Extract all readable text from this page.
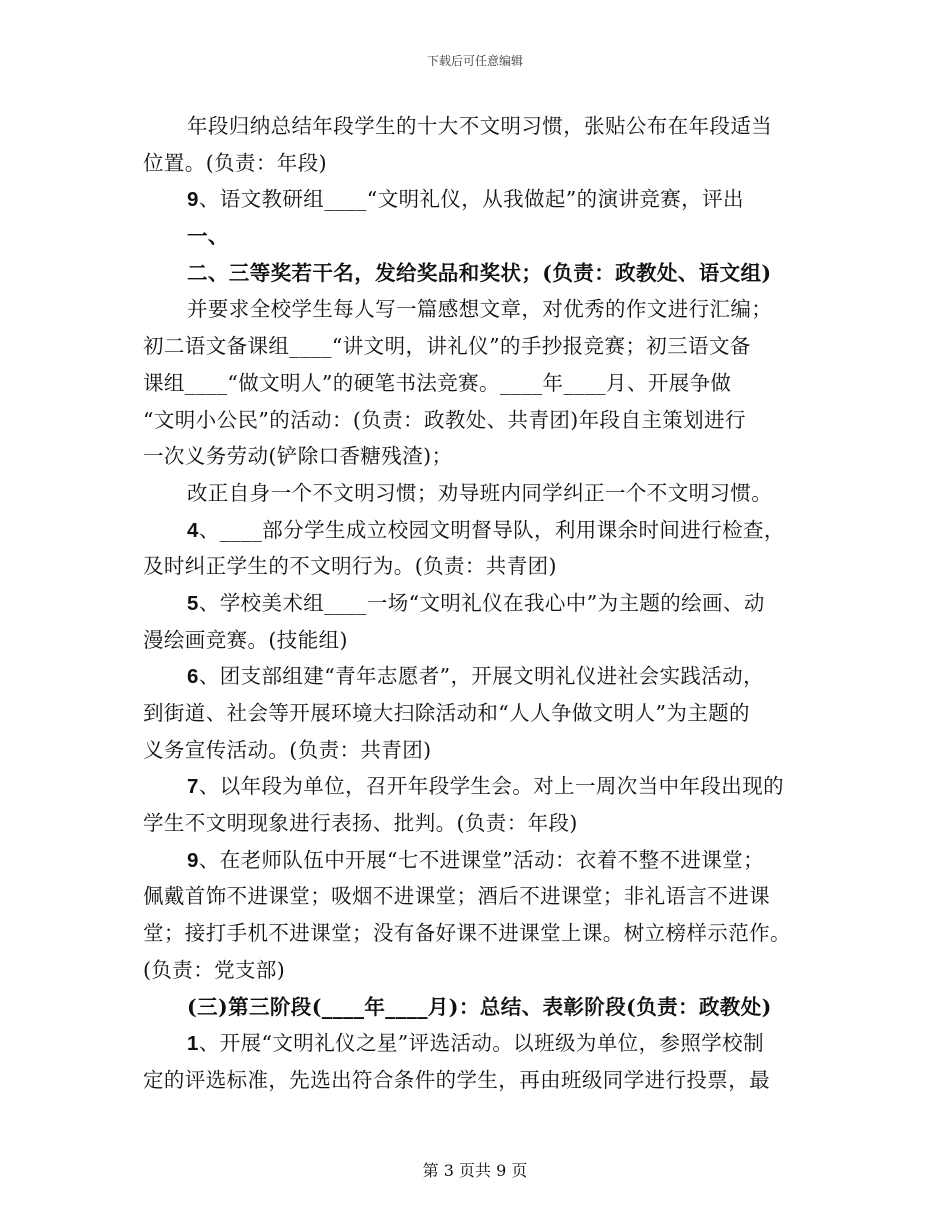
下载后可任意编辑
年段归纳总结年段学生的十大不文明习惯，张贴公布在年段适当
位置。(负责：年段)
9、语文教研组____“文明礼仪，从我做起”的演讲竞赛，评出
一、
二、三等奖若干名，发给奖品和奖状；(负责：政教处、语文组)
并要求全校学生每人写一篇感想文章，对优秀的作文进行汇编；
初二语文备课组____“讲文明，讲礼仪”的手抄报竞赛；初三语文备
课组____“做文明人”的硬笔书法竞赛。____年____月、开展争做
“文明小公民”的活动：(负责：政教处、共青团)年段自主策划进行
一次义务劳动(铲除口香糖残渣)；
改正自身一个不文明习惯；劝导班内同学纠正一个不文明习惯。
4、____部分学生成立校园文明督导队，利用课余时间进行检查，
及时纠正学生的不文明行为。(负责：共青团)
5、学校美术组____一场“文明礼仪在我心中”为主题的绘画、动
漫绘画竞赛。(技能组)
6、团支部组建“青年志愿者”，开展文明礼仪进社会实践活动，
到街道、社会等开展环境大扫除活动和“人人争做文明人”为主题的
义务宣传活动。(负责：共青团)
7、以年段为单位，召开年段学生会。对上一周次当中年段出现的
学生不文明现象进行表扬、批判。(负责：年段)
9、在老师队伍中开展“七不进课堂”活动：衣着不整不进课堂；
佩戴首饰不进课堂；吸烟不进课堂；酒后不进课堂；非礼语言不进课
堂；接打手机不进课堂；没有备好课不进课堂上课。树立榜样示范作。
(负责：党支部)
(三)第三阶段(____年____月)：总结、表彰阶段(负责：政教处)
1、开展“文明礼仪之星”评选活动。以班级为单位，参照学校制
定的评选标准，先选出符合条件的学生，再由班级同学进行投票，最
第 3 页共 9 页
